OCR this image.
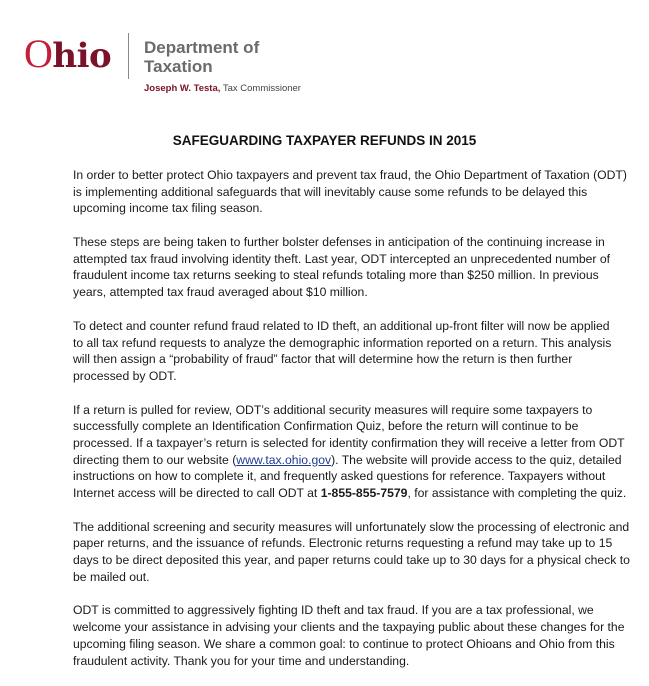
Ohio Department of
Taxation
Joseph W. Testa, Tax Commissioner
SAFEGUARDING TAXPAYER REFUNDS IN 2015
In order to better protect Ohio taxpayers and prevent tax fraud, the Ohio Department of Taxation (ODT)
is implementing additional safeguards that will inevitably cause some refunds to be delayed this
upcoming income tax filing season.
These steps are being taken to further bolster defenses in anticipation of the continuing increase in
attempted tax fraud involving identity theft. Last year, ODT intercepted an unprecedented number of
fraudulent income tax returns seeking to steal refunds totaling more than $250 million. In previous
years, attempted tax fraud averaged about $10 million.
To detect and counter refund fraud related to ID theft, an additional up-front filter will now be applied
to all tax refund requests to analyze the demographic information reported on a return. This analysis
will then assign a “probability of fraud” factor that will determine how the return is then further
processed by ODT.
If a return is pulled for review, ODT’s additional security measures will require some taxpayers to
successfully complete an Identification Confirmation Quiz, before the return will continue to be
processed. If a taxpayer’s return is selected for identity confirmation they will receive a letter from ODT
directing them to our website (www.tax.ohio.gov). The website will provide access to the quiz, detailed
instructions on how to complete it, and frequently asked questions for reference. Taxpayers without
Internet access will be directed to call ODT at 1-855-855-7579, for assistance with completing the quiz.
The additional screening and security measures will unfortunately slow the processing of electronic and
paper returns, and the issuance of refunds. Electronic returns requesting a refund may take up to 15
days to be direct deposited this year, and paper returns could take up to 30 days for a physical check to
be mailed out.
ODT is committed to aggressively fighting ID theft and tax fraud. If you are a tax professional, we
welcome your assistance in advising your clients and the taxpaying public about these changes for the
upcoming filing season. We share a common goal: to continue to protect Ohioans and Ohio from this
fraudulent activity. Thank you for your time and understanding.
